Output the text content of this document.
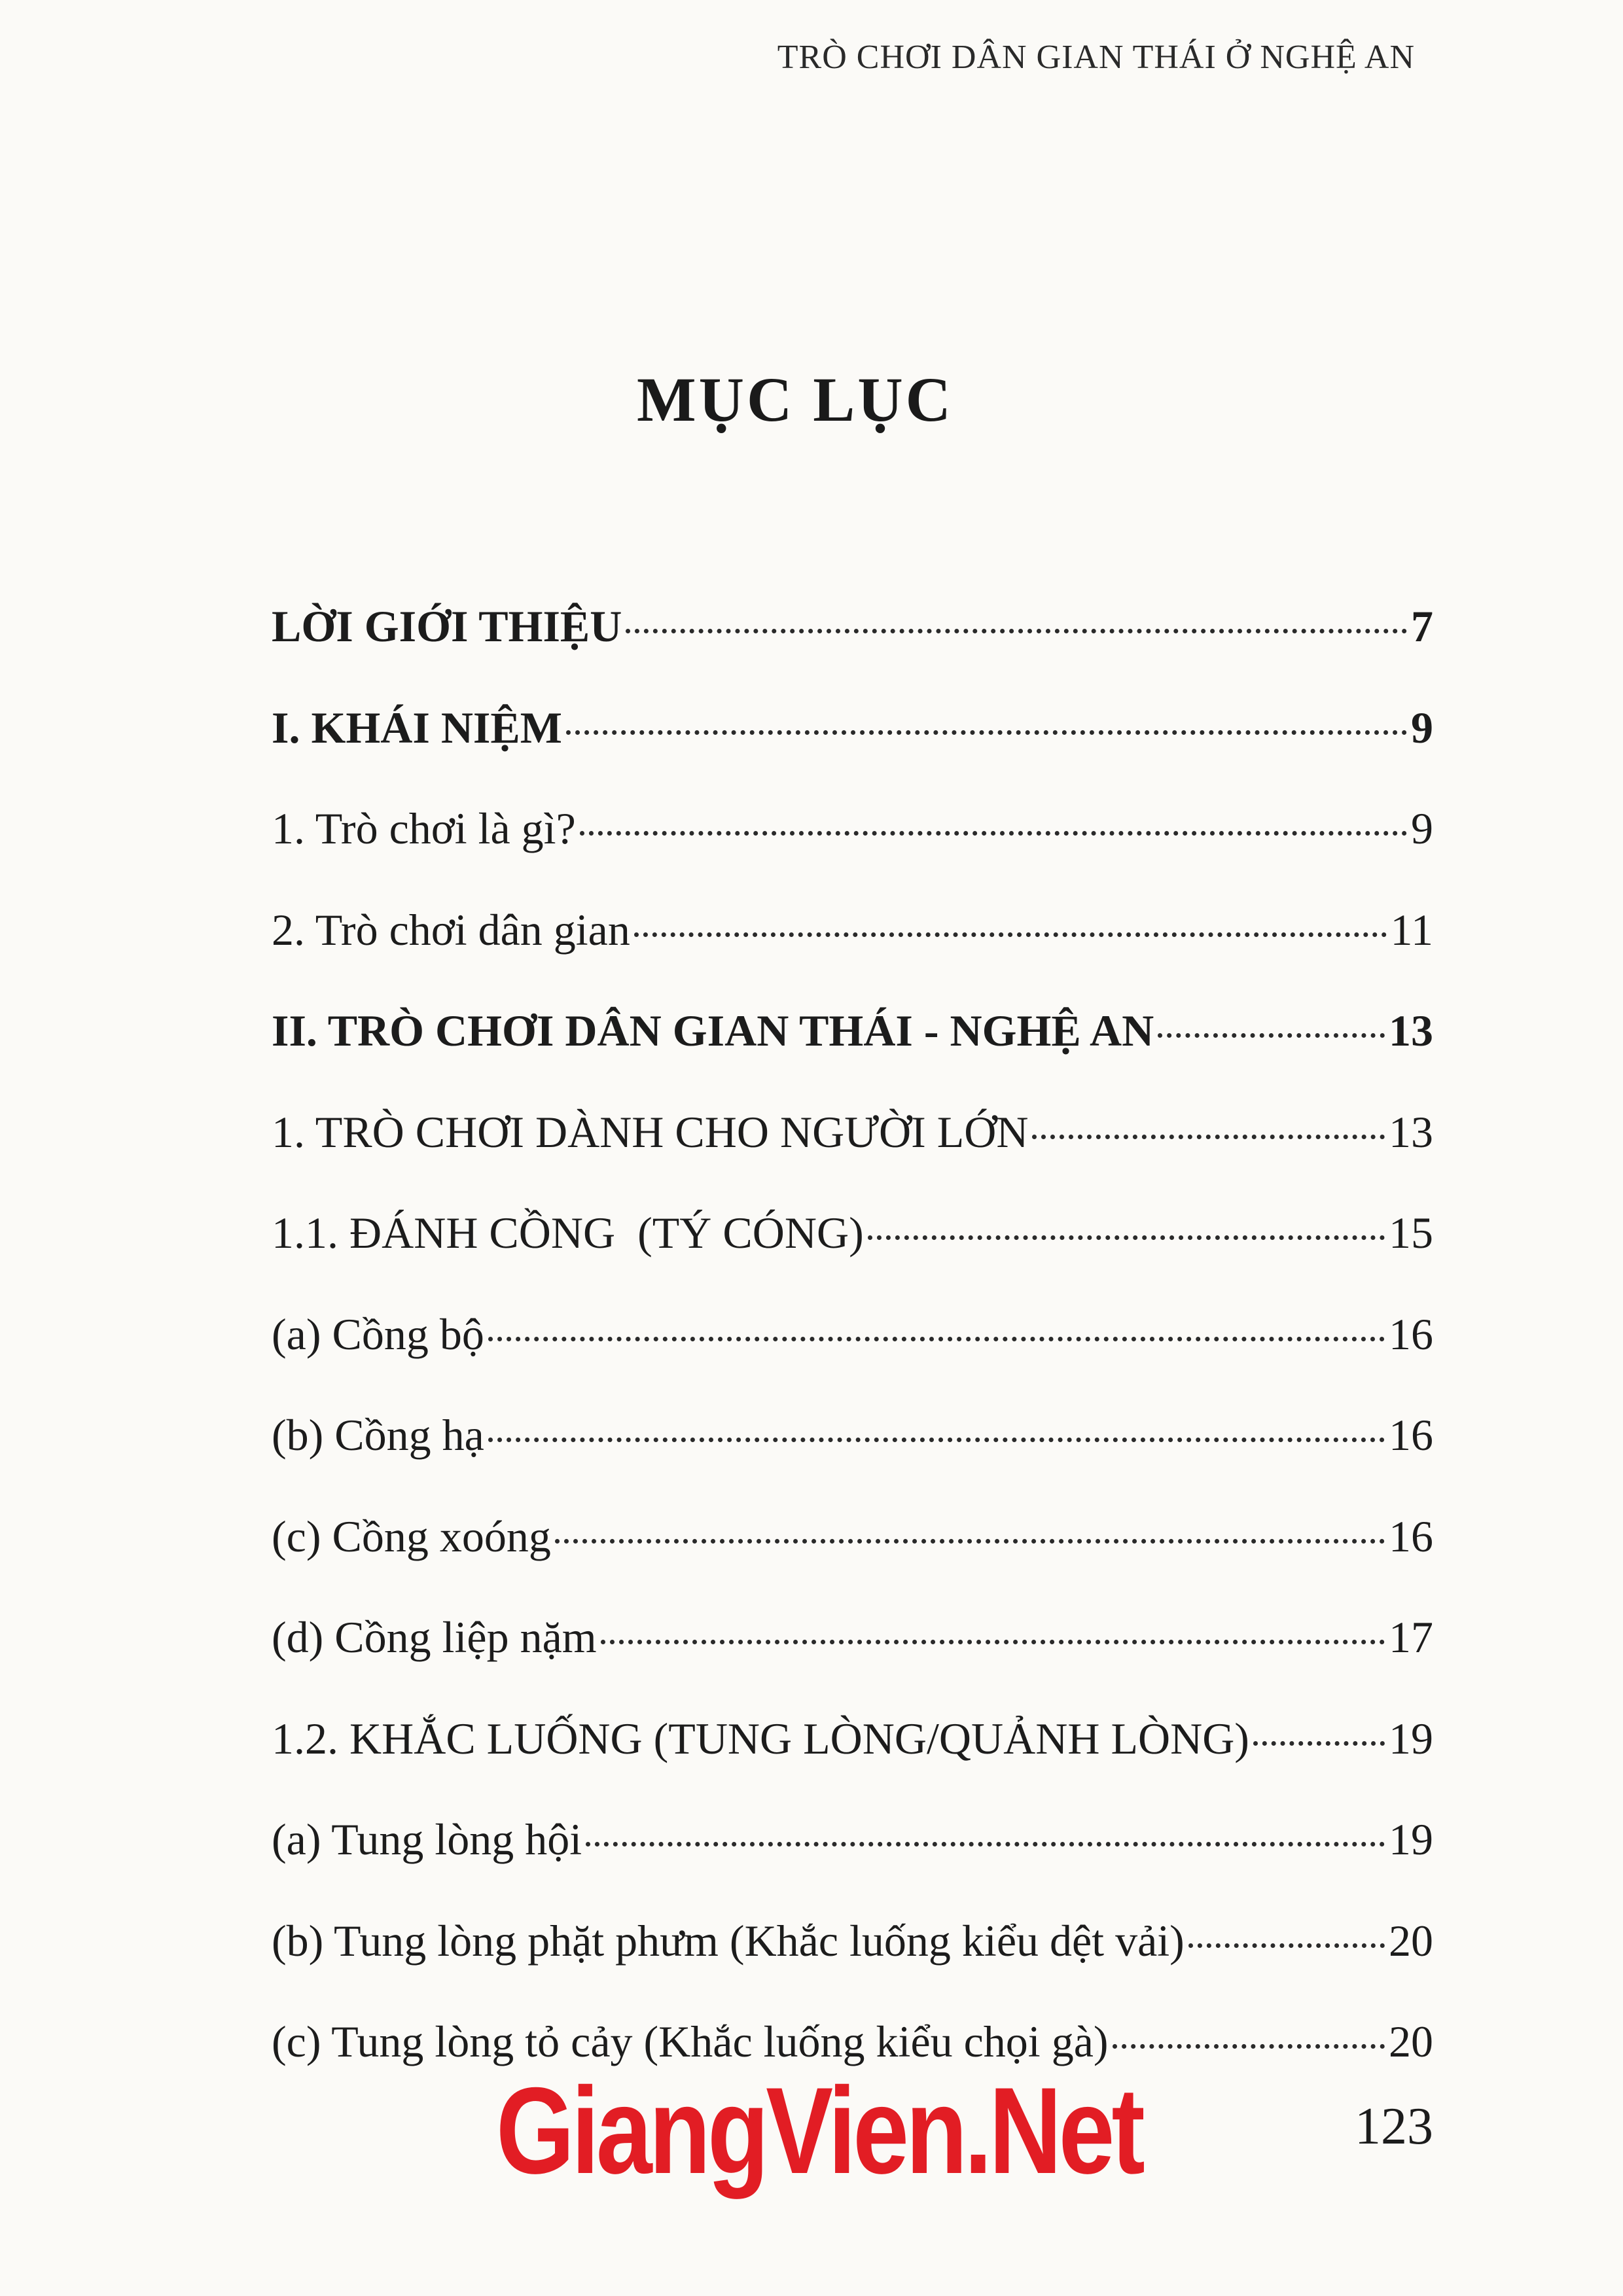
TRÒ CHƠI DÂN GIAN THÁI Ở NGHỆ AN
MỤC LỤC
LỜI GIỚI THIỆU	7
I. KHÁI NIỆM	9
1. Trò chơi là gì?	9
2. Trò chơi dân gian	11
II. TRÒ CHƠI DÂN GIAN THÁI - NGHỆ AN	13
1. TRÒ CHƠI DÀNH CHO NGƯỜI LỚN	13
1.1. ĐÁNH CỒNG  (TÝ CÓNG)	15
(a) Cồng bộ	16
(b) Cồng hạ	16
(c) Cồng xoóng	16
(d) Cồng liệp nặm	17
1.2. KHẮC LUỐNG (TUNG LÒNG/QUẢNH LÒNG)	19
(a) Tung lòng hội	19
(b) Tung lòng phặt phưm (Khắc luống kiểu dệt vải)	20
(c) Tung lòng tỏ cảy (Khắc luống kiểu chọi gà)	20
GiangVien.Net	123
